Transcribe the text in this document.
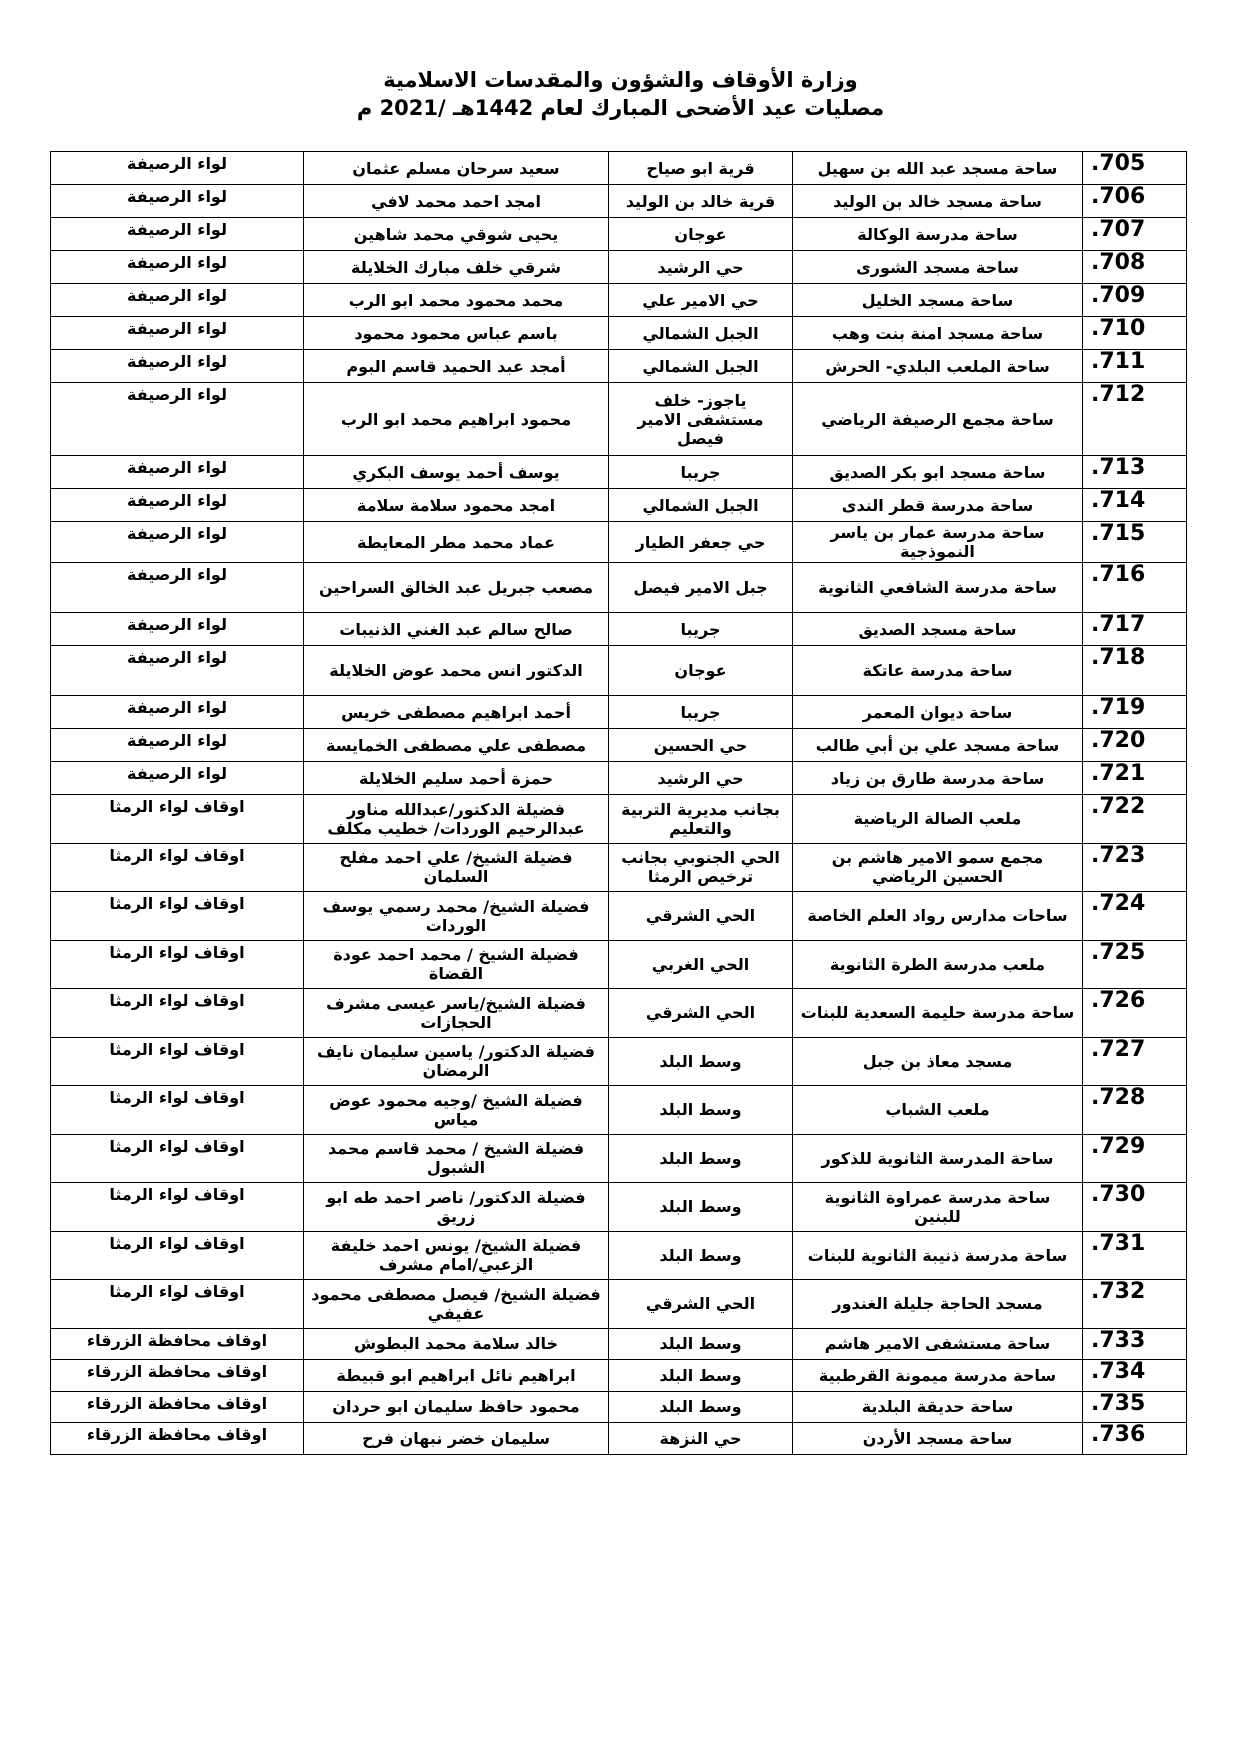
وزارة الأوقاف والشؤون والمقدسات الاسلامية
مصليات عيد الأضحى المبارك لعام 1442هـ /2021 م
.705	ساحة مسجد عبد الله بن سهيل	قرية ابو صياح	سعيد سرحان مسلم عثمان	لواء الرصيفة
.706	ساحة مسجد خالد بن الوليد	قرية خالد بن الوليد	امجد احمد محمد لافي	لواء الرصيفة
.707	ساحة مدرسة الوكالة	عوجان	يحيى شوقي محمد شاهين	لواء الرصيفة
.708	ساحة مسجد الشورى	حي الرشيد	شرقي خلف مبارك الخلايلة	لواء الرصيفة
.709	ساحة مسجد الخليل	حي الامير علي	محمد محمود محمد ابو الرب	لواء الرصيفة
.710	ساحة مسجد امنة بنت وهب	الجبل الشمالي	باسم عباس محمود محمود	لواء الرصيفة
.711	ساحة الملعب البلدي- الحرش	الجبل الشمالي	أمجد عبد الحميد قاسم البوم	لواء الرصيفة
.712	ساحة مجمع الرصيفة الرياضي	ياجوز- خلف مستشفى الامير فيصل	محمود ابراهيم محمد ابو الرب	لواء الرصيفة
.713	ساحة مسجد ابو بكر الصديق	جريبا	يوسف أحمد يوسف البكري	لواء الرصيفة
.714	ساحة مدرسة قطر الندى	الجبل الشمالي	امجد محمود سلامة سلامة	لواء الرصيفة
.715	ساحة مدرسة عمار بن ياسر النموذجية	حي جعفر الطيار	عماد محمد مطر المعايطة	لواء الرصيفة
.716	ساحة مدرسة الشافعي الثانوية	جبل الامير فيصل	مصعب جبريل عبد الخالق السراحين	لواء الرصيفة
.717	ساحة مسجد الصديق	جريبا	صالح سالم عبد الغني الذنيبات	لواء الرصيفة
.718	ساحة مدرسة عاتكة	عوجان	الدكتور انس محمد عوض الخلايلة	لواء الرصيفة
.719	ساحة ديوان المعمر	جريبا	أحمد ابراهيم مصطفى خريس	لواء الرصيفة
.720	ساحة مسجد علي بن أبي طالب	حي الحسين	مصطفى علي مصطفى الخمايسة	لواء الرصيفة
.721	ساحة مدرسة طارق بن زياد	حي الرشيد	حمزة أحمد سليم الخلايلة	لواء الرصيفة
.722	ملعب الصالة الرياضية	بجانب مديرية التربية والتعليم	فضيلة الدكتور/عبدالله مناور عبدالرحيم الوردات/ خطيب مكلف	اوقاف لواء الرمثا
.723	مجمع سمو الامير هاشم بن الحسين الرياضي	الحي الجنوبي بجانب ترخيص الرمثا	فضيلة الشيخ/ علي احمد مفلح السلمان	اوقاف لواء الرمثا
.724	ساحات مدارس رواد العلم الخاصة	الحي الشرقي	فضيلة الشيخ/ محمد رسمي يوسف الوردات	اوقاف لواء الرمثا
.725	ملعب مدرسة الطرة الثانوية	الحي الغربي	فضيلة الشيخ / محمد احمد عودة القضاة	اوقاف لواء الرمثا
.726	ساحة مدرسة حليمة السعدية للبنات	الحي الشرقي	فضيلة الشيخ/ياسر عيسى مشرف الحجازات	اوقاف لواء الرمثا
.727	مسجد معاذ بن جبل	وسط البلد	فضيلة الدكتور/ ياسين سليمان نايف الرمضان	اوقاف لواء الرمثا
.728	ملعب الشباب	وسط البلد	فضيلة الشيخ /وجيه محمود عوض مياس	اوقاف لواء الرمثا
.729	ساحة المدرسة الثانوية للذكور	وسط البلد	فضيلة الشيخ / محمد قاسم محمد الشبول	اوقاف لواء الرمثا
.730	ساحة مدرسة عمراوة الثانوية للبنين	وسط البلد	فضيلة الدكتور/ ناصر احمد طه ابو زريق	اوقاف لواء الرمثا
.731	ساحة مدرسة ذنيبة الثانوية للبنات	وسط البلد	فضيلة الشيخ/ يونس احمد خليفة الزعبي/امام مشرف	اوقاف لواء الرمثا
.732	مسجد الحاجة جليلة الغندور	الحي الشرقي	فضيلة الشيخ/ فيصل مصطفى محمود عفيفي	اوقاف لواء الرمثا
.733	ساحة مستشفى الامير هاشم	وسط البلد	خالد سلامة محمد البطوش	اوقاف محافظة الزرقاء
.734	ساحة مدرسة ميمونة القرطبية	وسط البلد	ابراهيم نائل ابراهيم ابو قبيطة	اوقاف محافظة الزرقاء
.735	ساحة حديقة البلدية	وسط البلد	محمود حافظ سليمان ابو حردان	اوقاف محافظة الزرقاء
.736	ساحة مسجد الأردن	حي النزهة	سليمان خضر نبهان فرح	اوقاف محافظة الزرقاء
